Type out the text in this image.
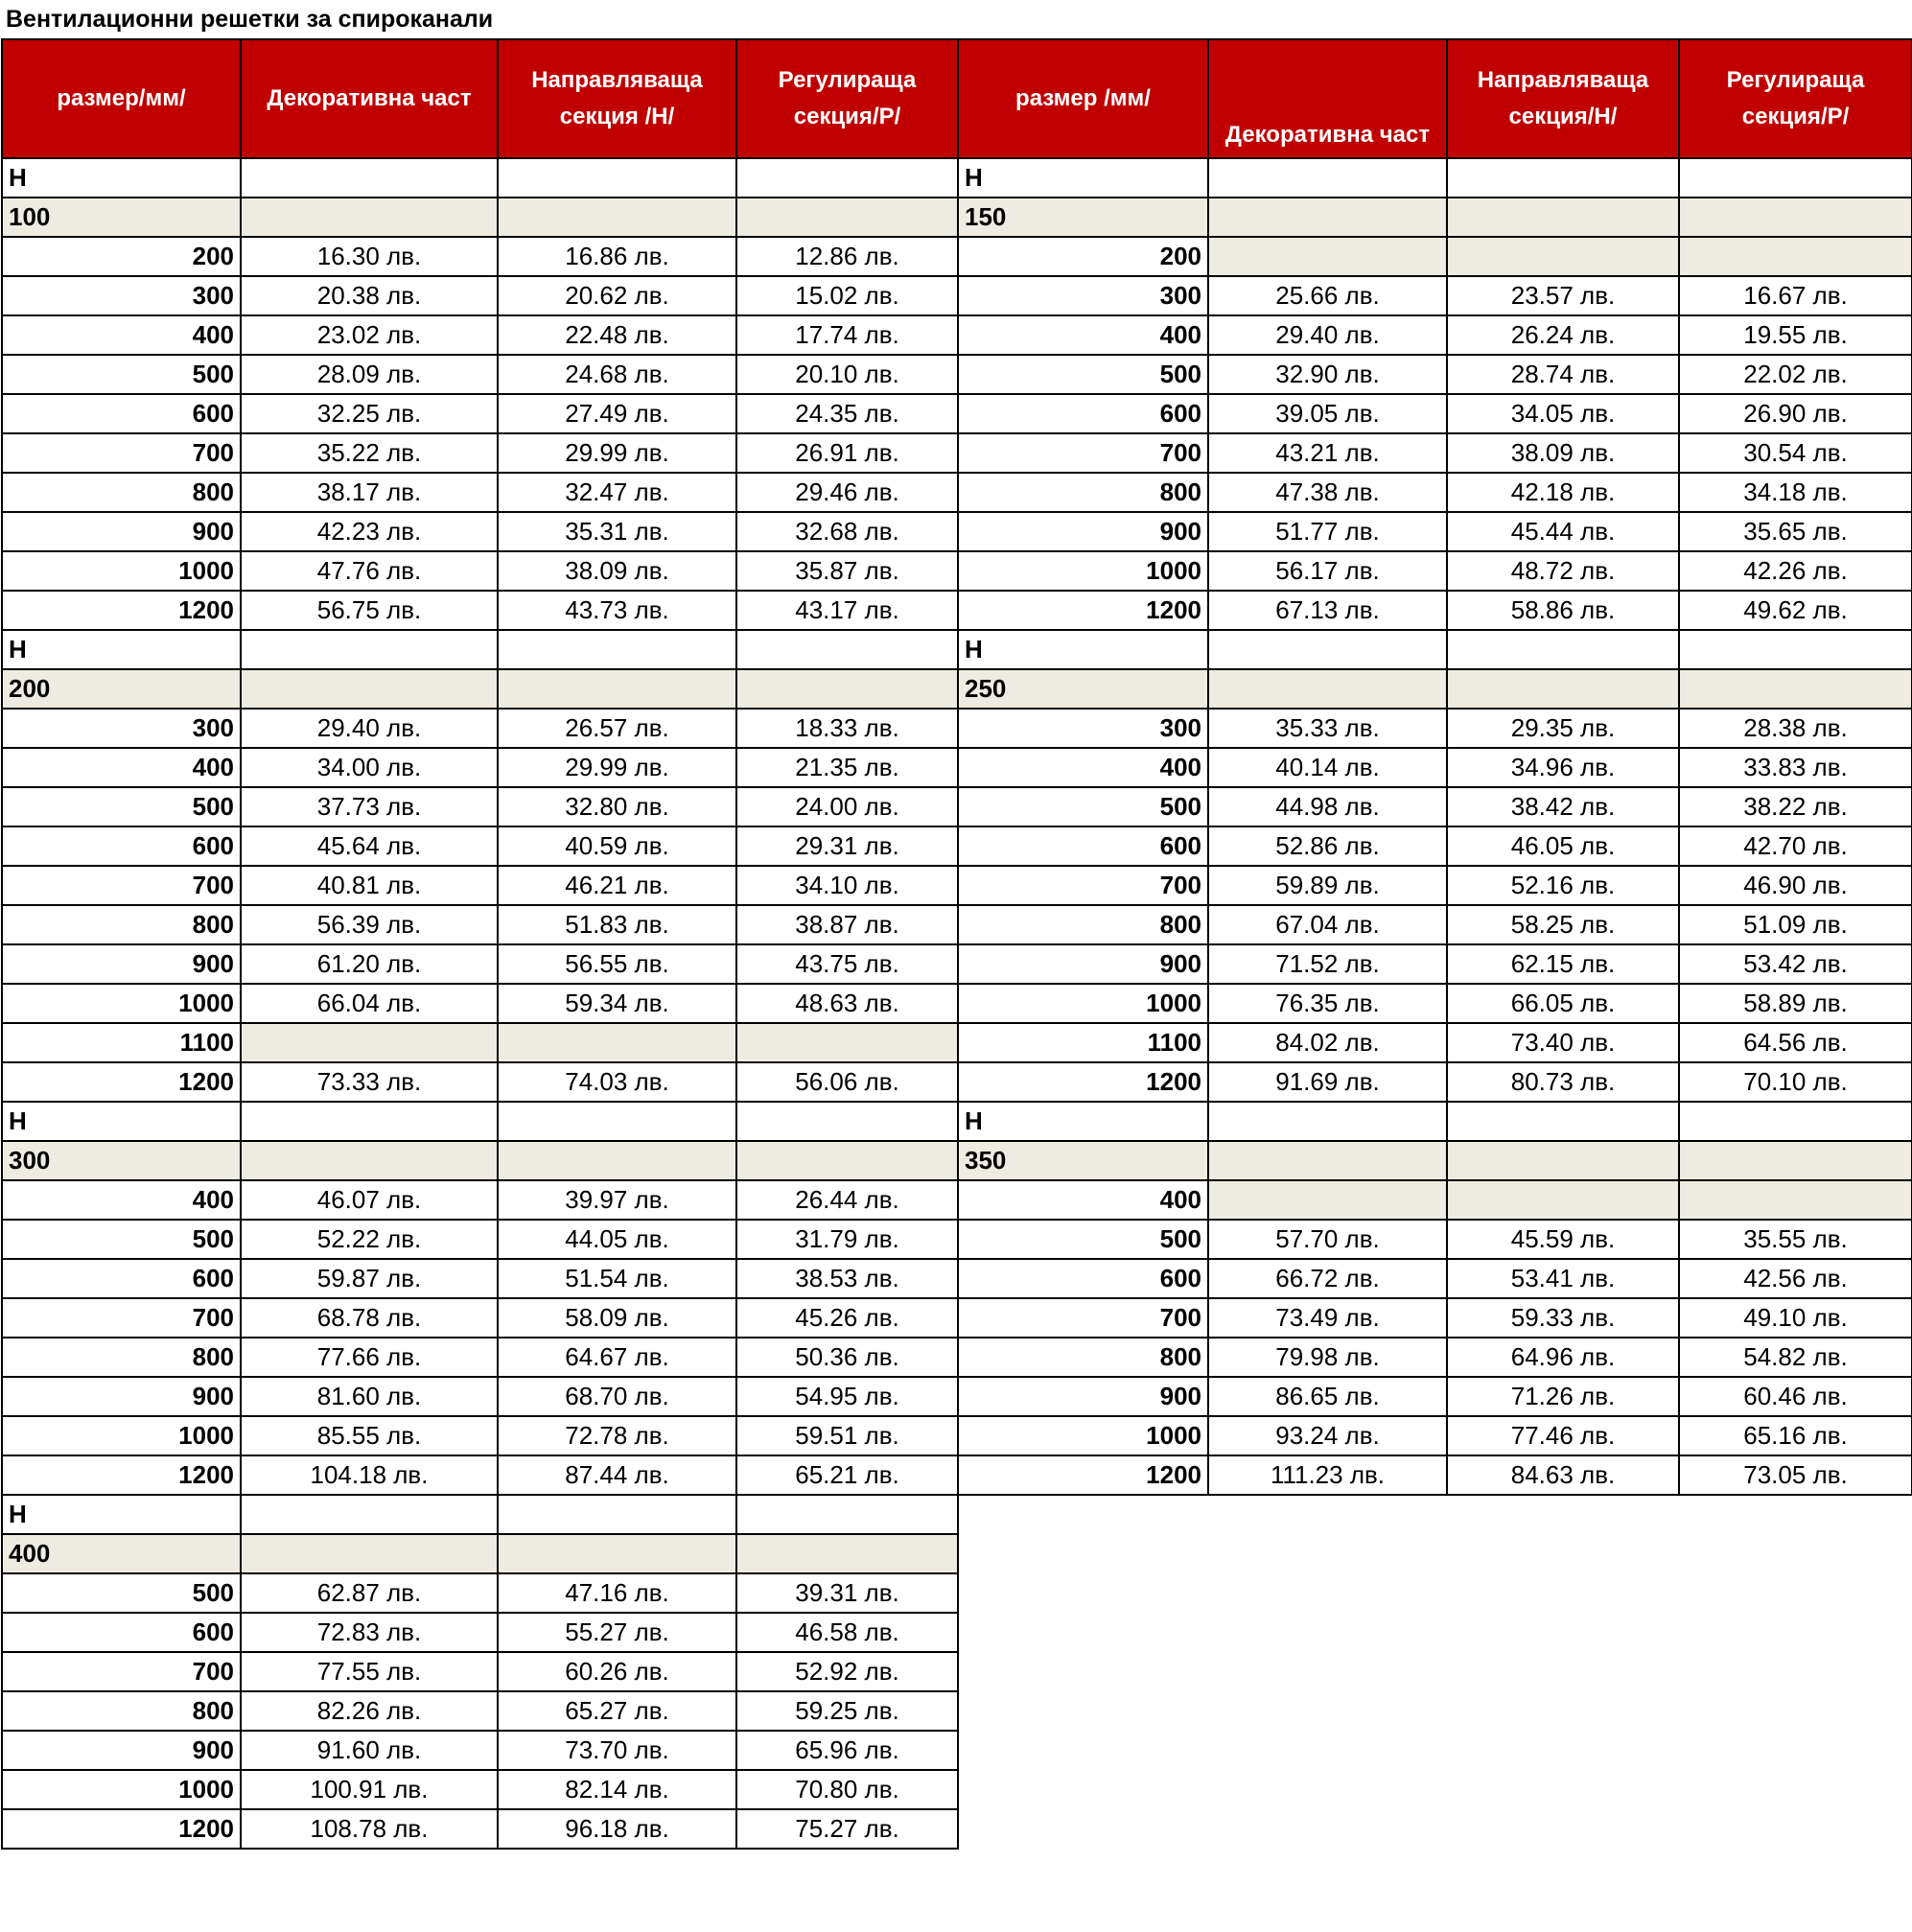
Вентилационни решетки за спироканали
размер/мм/	Декоративна част	Направляваща секция /Н/	Регулираща секция/Р/
Н			
100			
200	16.30 лв.	16.86 лв.	12.86 лв.
300	20.38 лв.	20.62 лв.	15.02 лв.
400	23.02 лв.	22.48 лв.	17.74 лв.
500	28.09 лв.	24.68 лв.	20.10 лв.
600	32.25 лв.	27.49 лв.	24.35 лв.
700	35.22 лв.	29.99 лв.	26.91 лв.
800	38.17 лв.	32.47 лв.	29.46 лв.
900	42.23 лв.	35.31 лв.	32.68 лв.
1000	47.76 лв.	38.09 лв.	35.87 лв.
1200	56.75 лв.	43.73 лв.	43.17 лв.
Н			
200			
300	29.40 лв.	26.57 лв.	18.33 лв.
400	34.00 лв.	29.99 лв.	21.35 лв.
500	37.73 лв.	32.80 лв.	24.00 лв.
600	45.64 лв.	40.59 лв.	29.31 лв.
700	40.81 лв.	46.21 лв.	34.10 лв.
800	56.39 лв.	51.83 лв.	38.87 лв.
900	61.20 лв.	56.55 лв.	43.75 лв.
1000	66.04 лв.	59.34 лв.	48.63 лв.
1100			
1200	73.33 лв.	74.03 лв.	56.06 лв.
Н			
300			
400	46.07 лв.	39.97 лв.	26.44 лв.
500	52.22 лв.	44.05 лв.	31.79 лв.
600	59.87 лв.	51.54 лв.	38.53 лв.
700	68.78 лв.	58.09 лв.	45.26 лв.
800	77.66 лв.	64.67 лв.	50.36 лв.
900	81.60 лв.	68.70 лв.	54.95 лв.
1000	85.55 лв.	72.78 лв.	59.51 лв.
1200	104.18 лв.	87.44 лв.	65.21 лв.
Н			
400			
500	62.87 лв.	47.16 лв.	39.31 лв.
600	72.83 лв.	55.27 лв.	46.58 лв.
700	77.55 лв.	60.26 лв.	52.92 лв.
800	82.26 лв.	65.27 лв.	59.25 лв.
900	91.60 лв.	73.70 лв.	65.96 лв.
1000	100.91 лв.	82.14 лв.	70.80 лв.
1200	108.78 лв.	96.18 лв.	75.27 лв.
размер /мм/	Декоративна част	Направляваща секция/Н/	Регулираща секция/Р/
Н			
150			
200			
300	25.66 лв.	23.57 лв.	16.67 лв.
400	29.40 лв.	26.24 лв.	19.55 лв.
500	32.90 лв.	28.74 лв.	22.02 лв.
600	39.05 лв.	34.05 лв.	26.90 лв.
700	43.21 лв.	38.09 лв.	30.54 лв.
800	47.38 лв.	42.18 лв.	34.18 лв.
900	51.77 лв.	45.44 лв.	35.65 лв.
1000	56.17 лв.	48.72 лв.	42.26 лв.
1200	67.13 лв.	58.86 лв.	49.62 лв.
Н			
250			
300	35.33 лв.	29.35 лв.	28.38 лв.
400	40.14 лв.	34.96 лв.	33.83 лв.
500	44.98 лв.	38.42 лв.	38.22 лв.
600	52.86 лв.	46.05 лв.	42.70 лв.
700	59.89 лв.	52.16 лв.	46.90 лв.
800	67.04 лв.	58.25 лв.	51.09 лв.
900	71.52 лв.	62.15 лв.	53.42 лв.
1000	76.35 лв.	66.05 лв.	58.89 лв.
1100	84.02 лв.	73.40 лв.	64.56 лв.
1200	91.69 лв.	80.73 лв.	70.10 лв.
Н			
350			
400			
500	57.70 лв.	45.59 лв.	35.55 лв.
600	66.72 лв.	53.41 лв.	42.56 лв.
700	73.49 лв.	59.33 лв.	49.10 лв.
800	79.98 лв.	64.96 лв.	54.82 лв.
900	86.65 лв.	71.26 лв.	60.46 лв.
1000	93.24 лв.	77.46 лв.	65.16 лв.
1200	111.23 лв.	84.63 лв.	73.05 лв.
